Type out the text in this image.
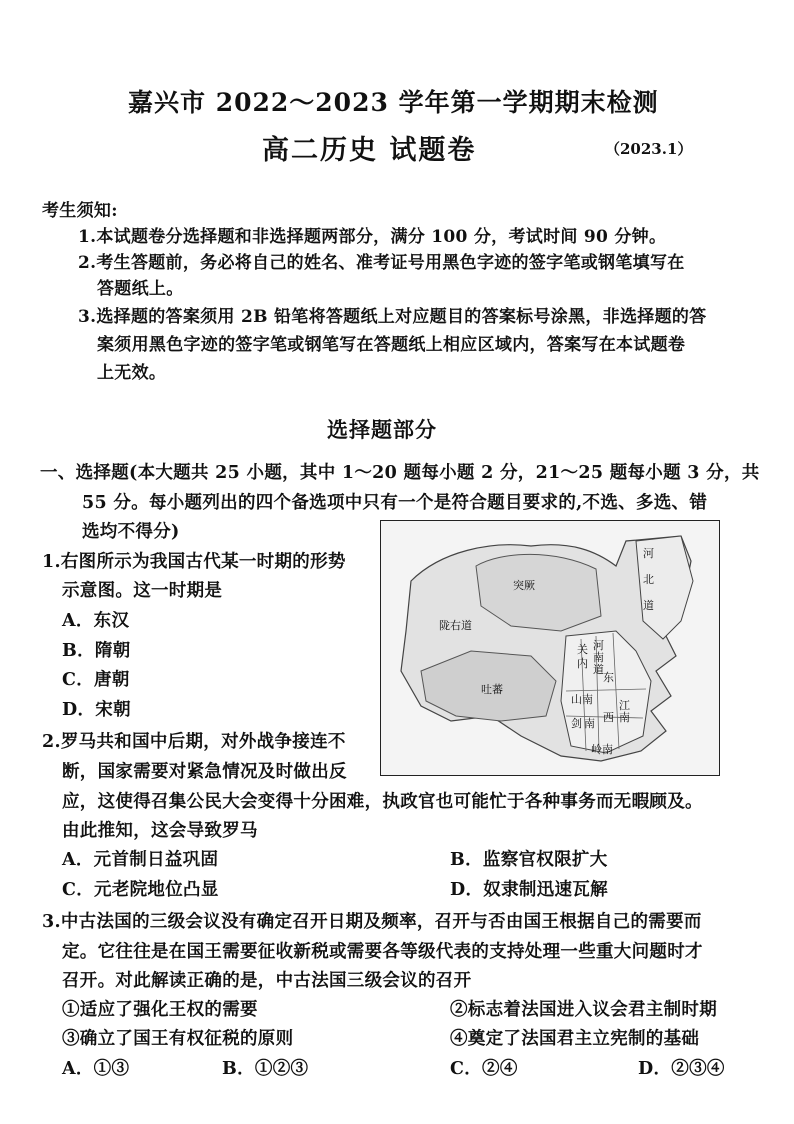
嘉兴市 2022～2023 学年第一学期期末检测
高二历史 试题卷	（2023.1）
考生须知:
1.本试题卷分选择题和非选择题两部分，满分 100 分，考试时间 90 分钟。
2.考生答题前，务必将自己的姓名、准考证号用黑色字迹的签字笔或钢笔填写在
答题纸上。
3.选择题的答案须用 2B 铅笔将答题纸上对应题目的答案标号涂黑，非选择题的答
案须用黑色字迹的签字笔或钢笔写在答题纸上相应区域内，答案写在本试题卷
上无效。
选择题部分
一、选择题(本大题共 25 小题，其中 1～20 题每小题 2 分，21～25 题每小题 3 分，共
55 分。每小题列出的四个备选项中只有一个是符合题目要求的,不选、多选、错
选均不得分)
1.右图所示为我国古代某一时期的形势
示意图。这一时期是
A．东汉
B．隋朝
C．唐朝
D．宋朝
河
北
道
突厥
陇右道
吐蕃
河
南
道
关
内
东
山南
剑 南
江
南
西
岭南
2.罗马共和国中后期，对外战争接连不
断，国家需要对紧急情况及时做出反
应，这使得召集公民大会变得十分困难，执政官也可能忙于各种事务而无暇顾及。
由此推知，这会导致罗马
A．元首制日益巩固	B．监察官权限扩大
C．元老院地位凸显	D．奴隶制迅速瓦解
3.中古法国的三级会议没有确定召开日期及频率，召开与否由国王根据自己的需要而
定。它往往是在国王需要征收新税或需要各等级代表的支持处理一些重大问题时才
召开。对此解读正确的是，中古法国三级会议的召开
①适应了强化王权的需要	②标志着法国进入议会君主制时期
③确立了国王有权征税的原则	④奠定了法国君主立宪制的基础
A．①③	B．①②③	C．②④	D．②③④
